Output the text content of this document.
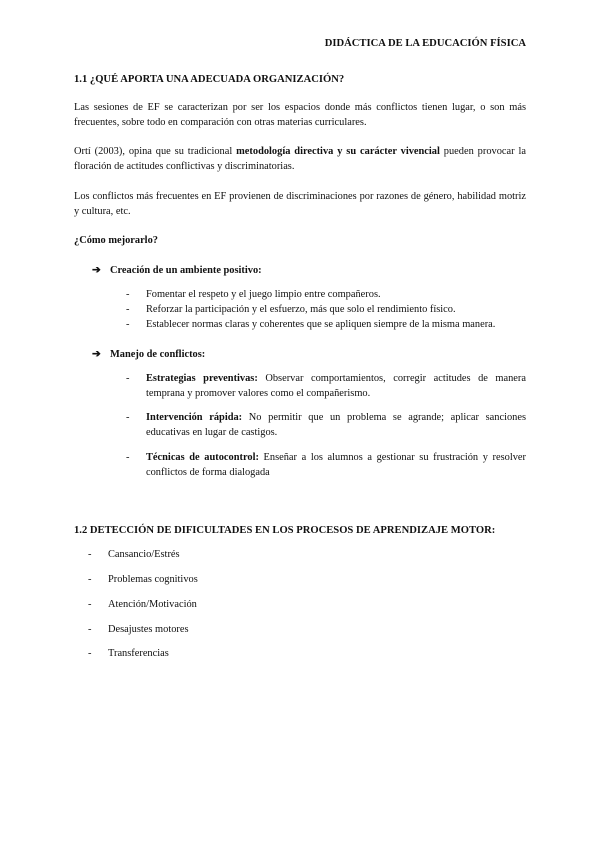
DIDÁCTICA DE LA EDUCACIÓN FÍSICA
1.1 ¿QUÉ APORTA UNA ADECUADA ORGANIZACIÓN?
Las sesiones de EF se caracterizan por ser los espacios donde más conflictos tienen lugar, o son más frecuentes, sobre todo en comparación con otras materias curriculares.
Ortí (2003), opina que su tradicional metodología directiva y su carácter vivencial pueden provocar la floración de actitudes conflictivas y discriminatorias.
Los conflictos más frecuentes en EF provienen de discriminaciones por razones de género, habilidad motriz y cultura, etc.
¿Cómo mejorarlo?
➔ Creación de un ambiente positivo:
- Fomentar el respeto y el juego limpio entre compañeros.
- Reforzar la participación y el esfuerzo, más que solo el rendimiento físico.
- Establecer normas claras y coherentes que se apliquen siempre de la misma manera.
➔ Manejo de conflictos:
- Estrategias preventivas: Observar comportamientos, corregir actitudes de manera temprana y promover valores como el compañerismo.
- Intervención rápida: No permitir que un problema se agrande; aplicar sanciones educativas en lugar de castigos.
- Técnicas de autocontrol: Enseñar a los alumnos a gestionar su frustración y resolver conflictos de forma dialogada
1.2 DETECCIÓN DE DIFICULTADES EN LOS PROCESOS DE APRENDIZAJE MOTOR:
- Cansancio/Estrés
- Problemas cognitivos
- Atención/Motivación
- Desajustes motores
- Transferencias
